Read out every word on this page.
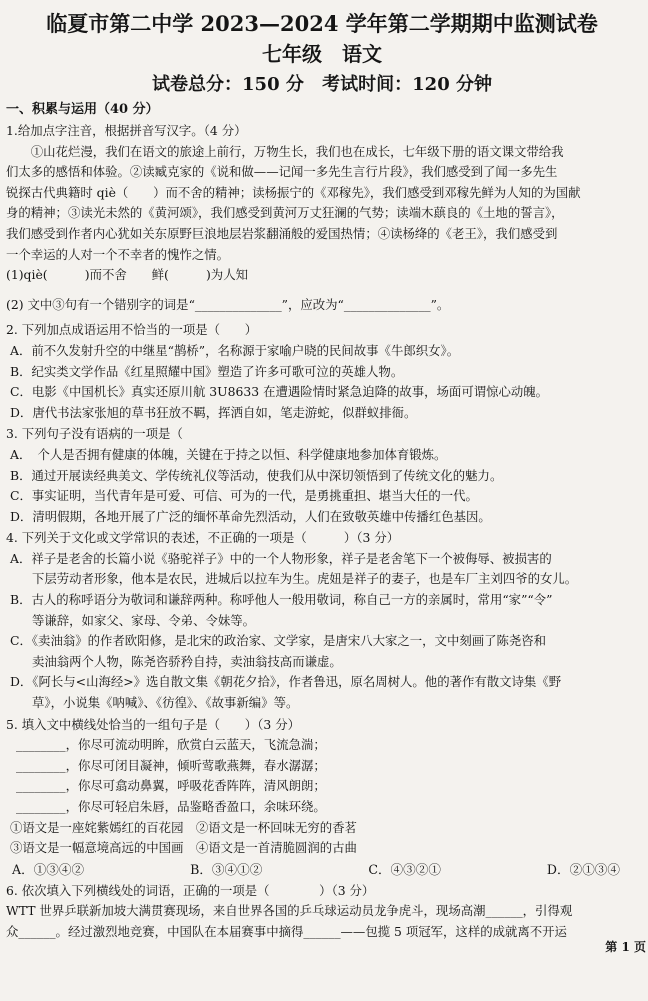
临夏市第二中学 2023—2024 学年第二学期期中监测试卷
七年级　语文
试卷总分：150 分 考试时间：120 分钟
一、积累与运用（40 分）
1.给加点字注音，根据拼音写汉字。（4 分）
　　①山花烂漫，我们在语文的旅途上前行，万物生长，我们也在成长，七年级下册的语文课文带给我
们太多的感悟和体验。②读臧克家的《说和做——记闻一多先生言行片段》，我们感受到了闻一多先生
锐探古代典籍时 qiè（　　）而不舍的精神；读杨振宁的《邓稼先》，我们感受到邓稼先鲜为人知的为国献
身的精神；③读光未然的《黄河颂》，我们感受到黄河万丈狂澜的气势；读端木蕻良的《土地的誓言》，
我们感受到作者内心犹如关东原野巨浪地层岩浆翻涌般的爱国热情；④读杨绛的《老王》，我们感受到
一个幸运的人对一个不幸者的愧怍之情。
(1)qiè(　　　)而不舍　　鲜(　　　)为人知
(2) 文中③句有一个错别字的词是“______________”，应改为“______________”。
2. 下列加点成语运用不恰当的一项是（　　）
A．前不久发射升空的中继星“鹊桥”，名称源于家喻户晓的民间故事《牛郎织女》。
B．纪实类文学作品《红星照耀中国》塑造了许多可歌可泣的英雄人物。
C．电影《中国机长》真实还原川航 3U8633 在遭遇险情时紧急迫降的故事，场面可谓惊心动魄。
D．唐代书法家张旭的草书狂放不羁，挥洒自如，笔走游蛇，似群蚁排衙。
3. 下列句子没有语病的一项是（
A．　个人是否拥有健康的体魄，关键在于持之以恒、科学健康地参加体育锻炼。
B．通过开展读经典美文、学传统礼仪等活动，使我们从中深切领悟到了传统文化的魅力。
C．事实证明，当代青年是可爱、可信、可为的一代，是勇挑重担、堪当大任的一代。
D．清明假期，各地开展了广泛的缅怀革命先烈活动，人们在致敬英雄中传播红色基因。
4. 下列关于文化或文学常识的表述，不正确的一项是（　　　）（3 分）
A．祥子是老舍的长篇小说《骆驼祥子》中的一个人物形象，祥子是老舍笔下一个被侮辱、被损害的
下层劳动者形象，他本是农民，进城后以拉车为生。虎妞是祥子的妻子，也是车厂主刘四爷的女儿。
B．古人的称呼语分为敬词和谦辞两种。称呼他人一般用敬词，称自己一方的亲属时，常用“家”“令”
等谦辞，如家父、家母、令弟、令妹等。
C．《卖油翁》的作者欧阳修，是北宋的政治家、文学家，是唐宋八大家之一，文中刻画了陈尧咨和
卖油翁两个人物，陈尧咨骄矜自持，卖油翁技高而谦虚。
D．《阿长与<山海经>》选自散文集《朝花夕拾》，作者鲁迅，原名周树人。他的著作有散文诗集《野
草》，小说集《呐喊》、《彷徨》、《故事新编》等。
5. 填入文中横线处恰当的一组句子是（　　）（3 分）
________，你尽可流动明眸，欣赏白云蓝天，飞流急湍；
________，你尽可闭目凝神，倾听莺歌燕舞，春水潺潺；
________，你尽可翕动鼻翼，呼吸花香阵阵，清风朗朗；
________，你尽可轻启朱唇，品鉴略香盈口，余味环绕。
①语文是一座姹紫嫣红的百花园　②语文是一杯回味无穷的香茗
③语文是一幅意境高远的中国画　④语文是一首清脆圆润的古曲
A．①③④②	B．③④①②	C．④③②①	D．②①③④
6. 依次填入下列横线处的词语，正确的一项是（　　　　）（3 分）
WTT 世界乒联新加坡大满贯赛现场，来自世界各国的乒乓球运动员龙争虎斗，现场高潮______，引得观
众______。经过激烈地竞赛，中国队在本届赛事中摘得______——包揽 5 项冠军，这样的成就离不开运
第 1 页
